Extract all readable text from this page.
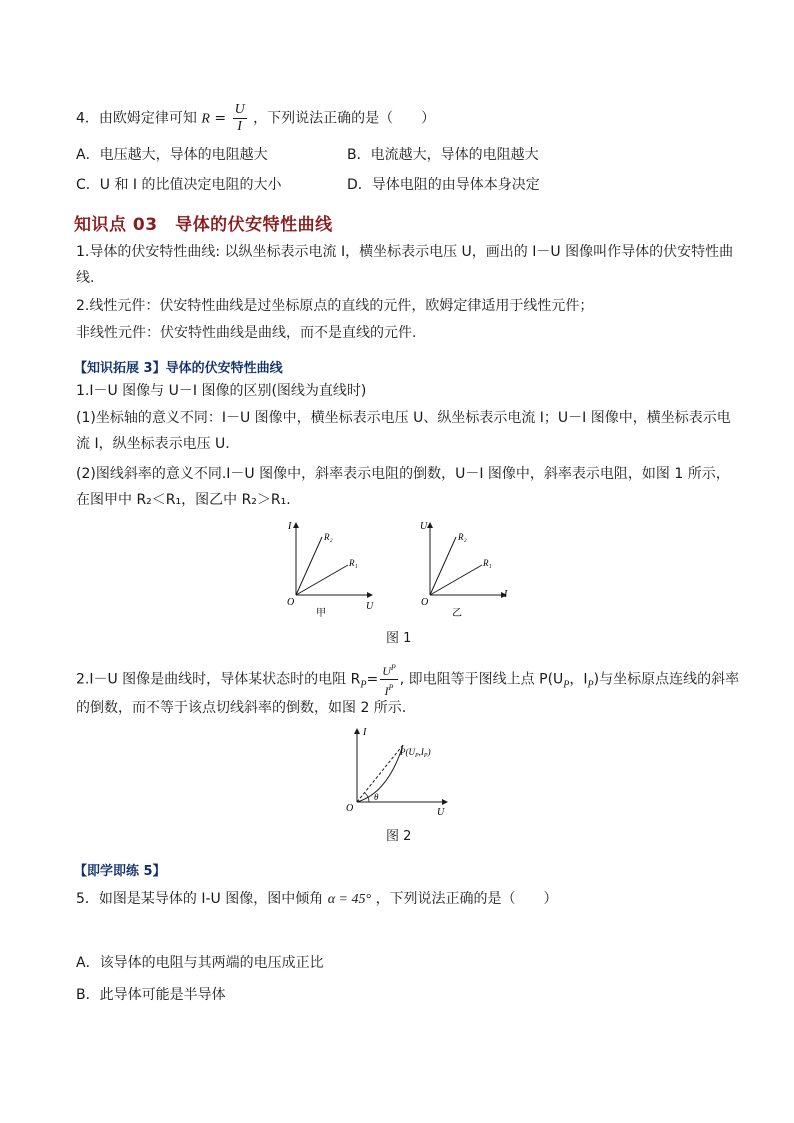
4．由欧姆定律可知 $R = \frac{U}{I}$ ，下列说法正确的是（　　）
A．电压越大，导体的电阻越大	B．电流越大，导体的电阻越大
C．U 和 I 的比值决定电阻的大小	D．导体电阻的由导体本身决定
知识点 03　导体的伏安特性曲线
1.导体的伏安特性曲线: 以纵坐标表示电流 I，横坐标表示电压 U，画出的 I－U 图像叫作导体的伏安特性曲
线.
2.线性元件：伏安特性曲线是过坐标原点的直线的元件，欧姆定律适用于线性元件；
非线性元件：伏安特性曲线是曲线，而不是直线的元件.
【知识拓展 3】导体的伏安特性曲线
1.I－U 图像与 U－I 图像的区别(图线为直线时)
(1)坐标轴的意义不同：I－U 图像中，横坐标表示电压 U、纵坐标表示电流 I；U－I 图像中，横坐标表示电
流 I，纵坐标表示电压 U.
(2)图线斜率的意义不同.I－U 图像中，斜率表示电阻的倒数，U－I 图像中，斜率表示电阻，如图 1 所示，
在图甲中 R₂＜R₁，图乙中 R₂＞R₁.
I
U
O
R₂
R₁
甲
U
I
O
R₂
R₁
乙
图 1
2.I－U 图像是曲线时，导体某状态时的电阻 $R_P= \frac{U^P}{I^P}$ , 即电阻等于图线上点 $P(U_P$，$I_P$)与坐标原点连线的斜率
的倒数，而不等于该点切线斜率的倒数，如图 2 所示.
I
U
O
θ
$P(U_P,I_P)$
图 2
【即学即练 5】
5．如图是某导体的 I-U 图像，图中倾角 α = 45° ，下列说法正确的是（　　）
A．该导体的电阻与其两端的电压成正比
B．此导体可能是半导体
